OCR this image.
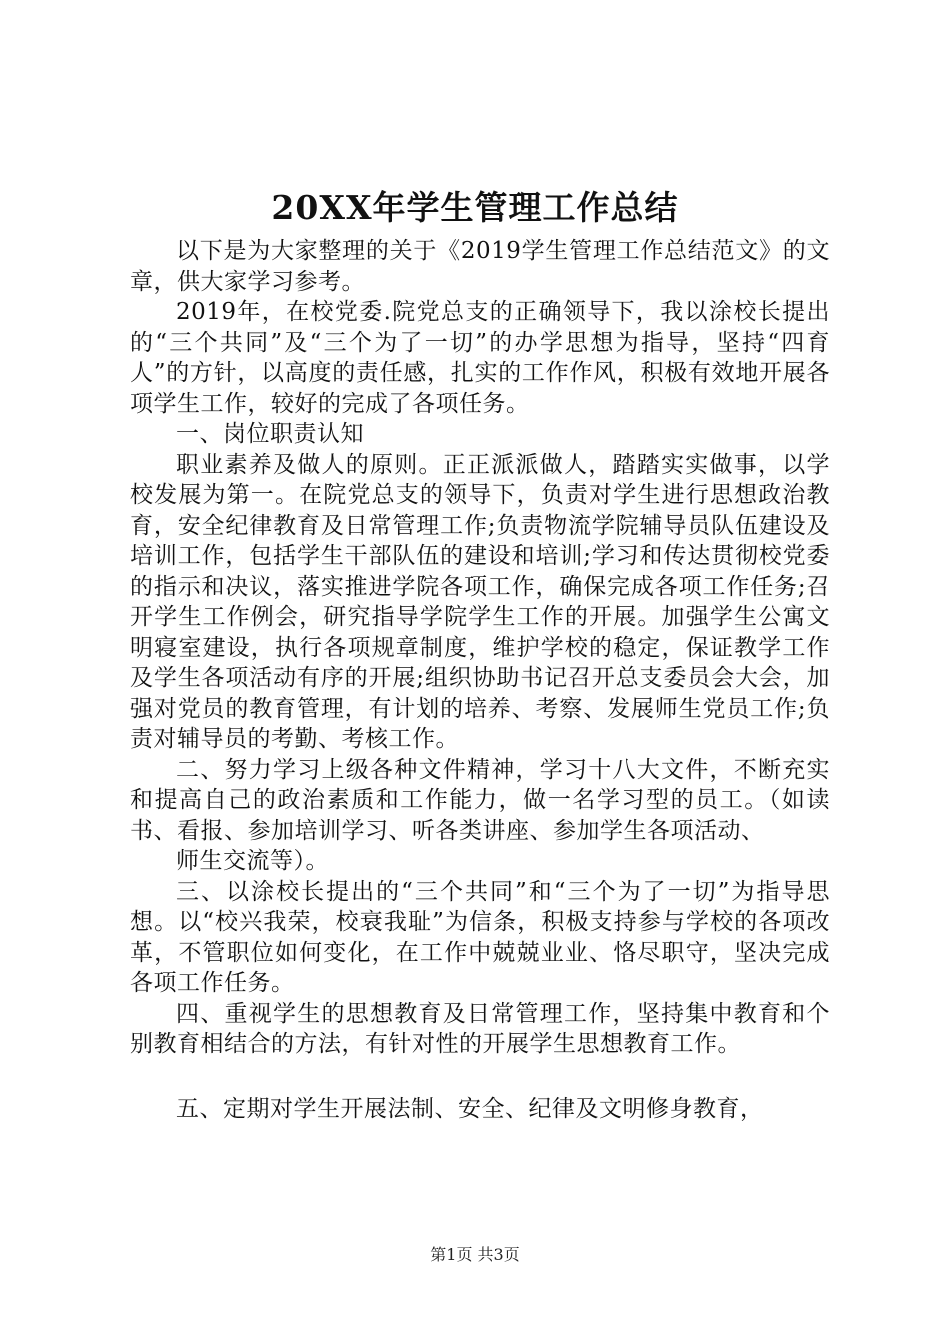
20XX年学生管理工作总结

以下是为大家整理的关于《2019学生管理工作总结范文》的文章，供大家学习参考。

2019年，在校党委.院党总支的正确领导下，我以涂校长提出的“三个共同”及“三个为了一切”的办学思想为指导，坚持“四育人”的方针，以高度的责任感，扎实的工作作风，积极有效地开展各项学生工作，较好的完成了各项任务。

一、岗位职责认知

职业素养及做人的原则。正正派派做人，踏踏实实做事，以学校发展为第一。在院党总支的领导下，负责对学生进行思想政治教育，安全纪律教育及日常管理工作;负责物流学院辅导员队伍建设及培训工作，包括学生干部队伍的建设和培训;学习和传达贯彻校党委的指示和决议，落实推进学院各项工作，确保完成各项工作任务;召开学生工作例会，研究指导学院学生工作的开展。加强学生公寓文明寝室建设，执行各项规章制度，维护学校的稳定，保证教学工作及学生各项活动有序的开展;组织协助书记召开总支委员会大会，加强对党员的教育管理，有计划的培养、考察、发展师生党员工作;负责对辅导员的考勤、考核工作。

二、努力学习上级各种文件精神，学习十八大文件，不断充实和提高自己的政治素质和工作能力，做一名学习型的员工。（如读书、看报、参加培训学习、听各类讲座、参加学生各项活动、

师生交流等）。

三、以涂校长提出的“三个共同”和“三个为了一切”为指导思想。以“校兴我荣，校衰我耻”为信条，积极支持参与学校的各项改革，不管职位如何变化，在工作中兢兢业业、恪尽职守，坚决完成各项工作任务。

四、重视学生的思想教育及日常管理工作，坚持集中教育和个别教育相结合的方法，有针对性的开展学生思想教育工作。

五、定期对学生开展法制、安全、纪律及文明修身教育，

第1页 共3页
